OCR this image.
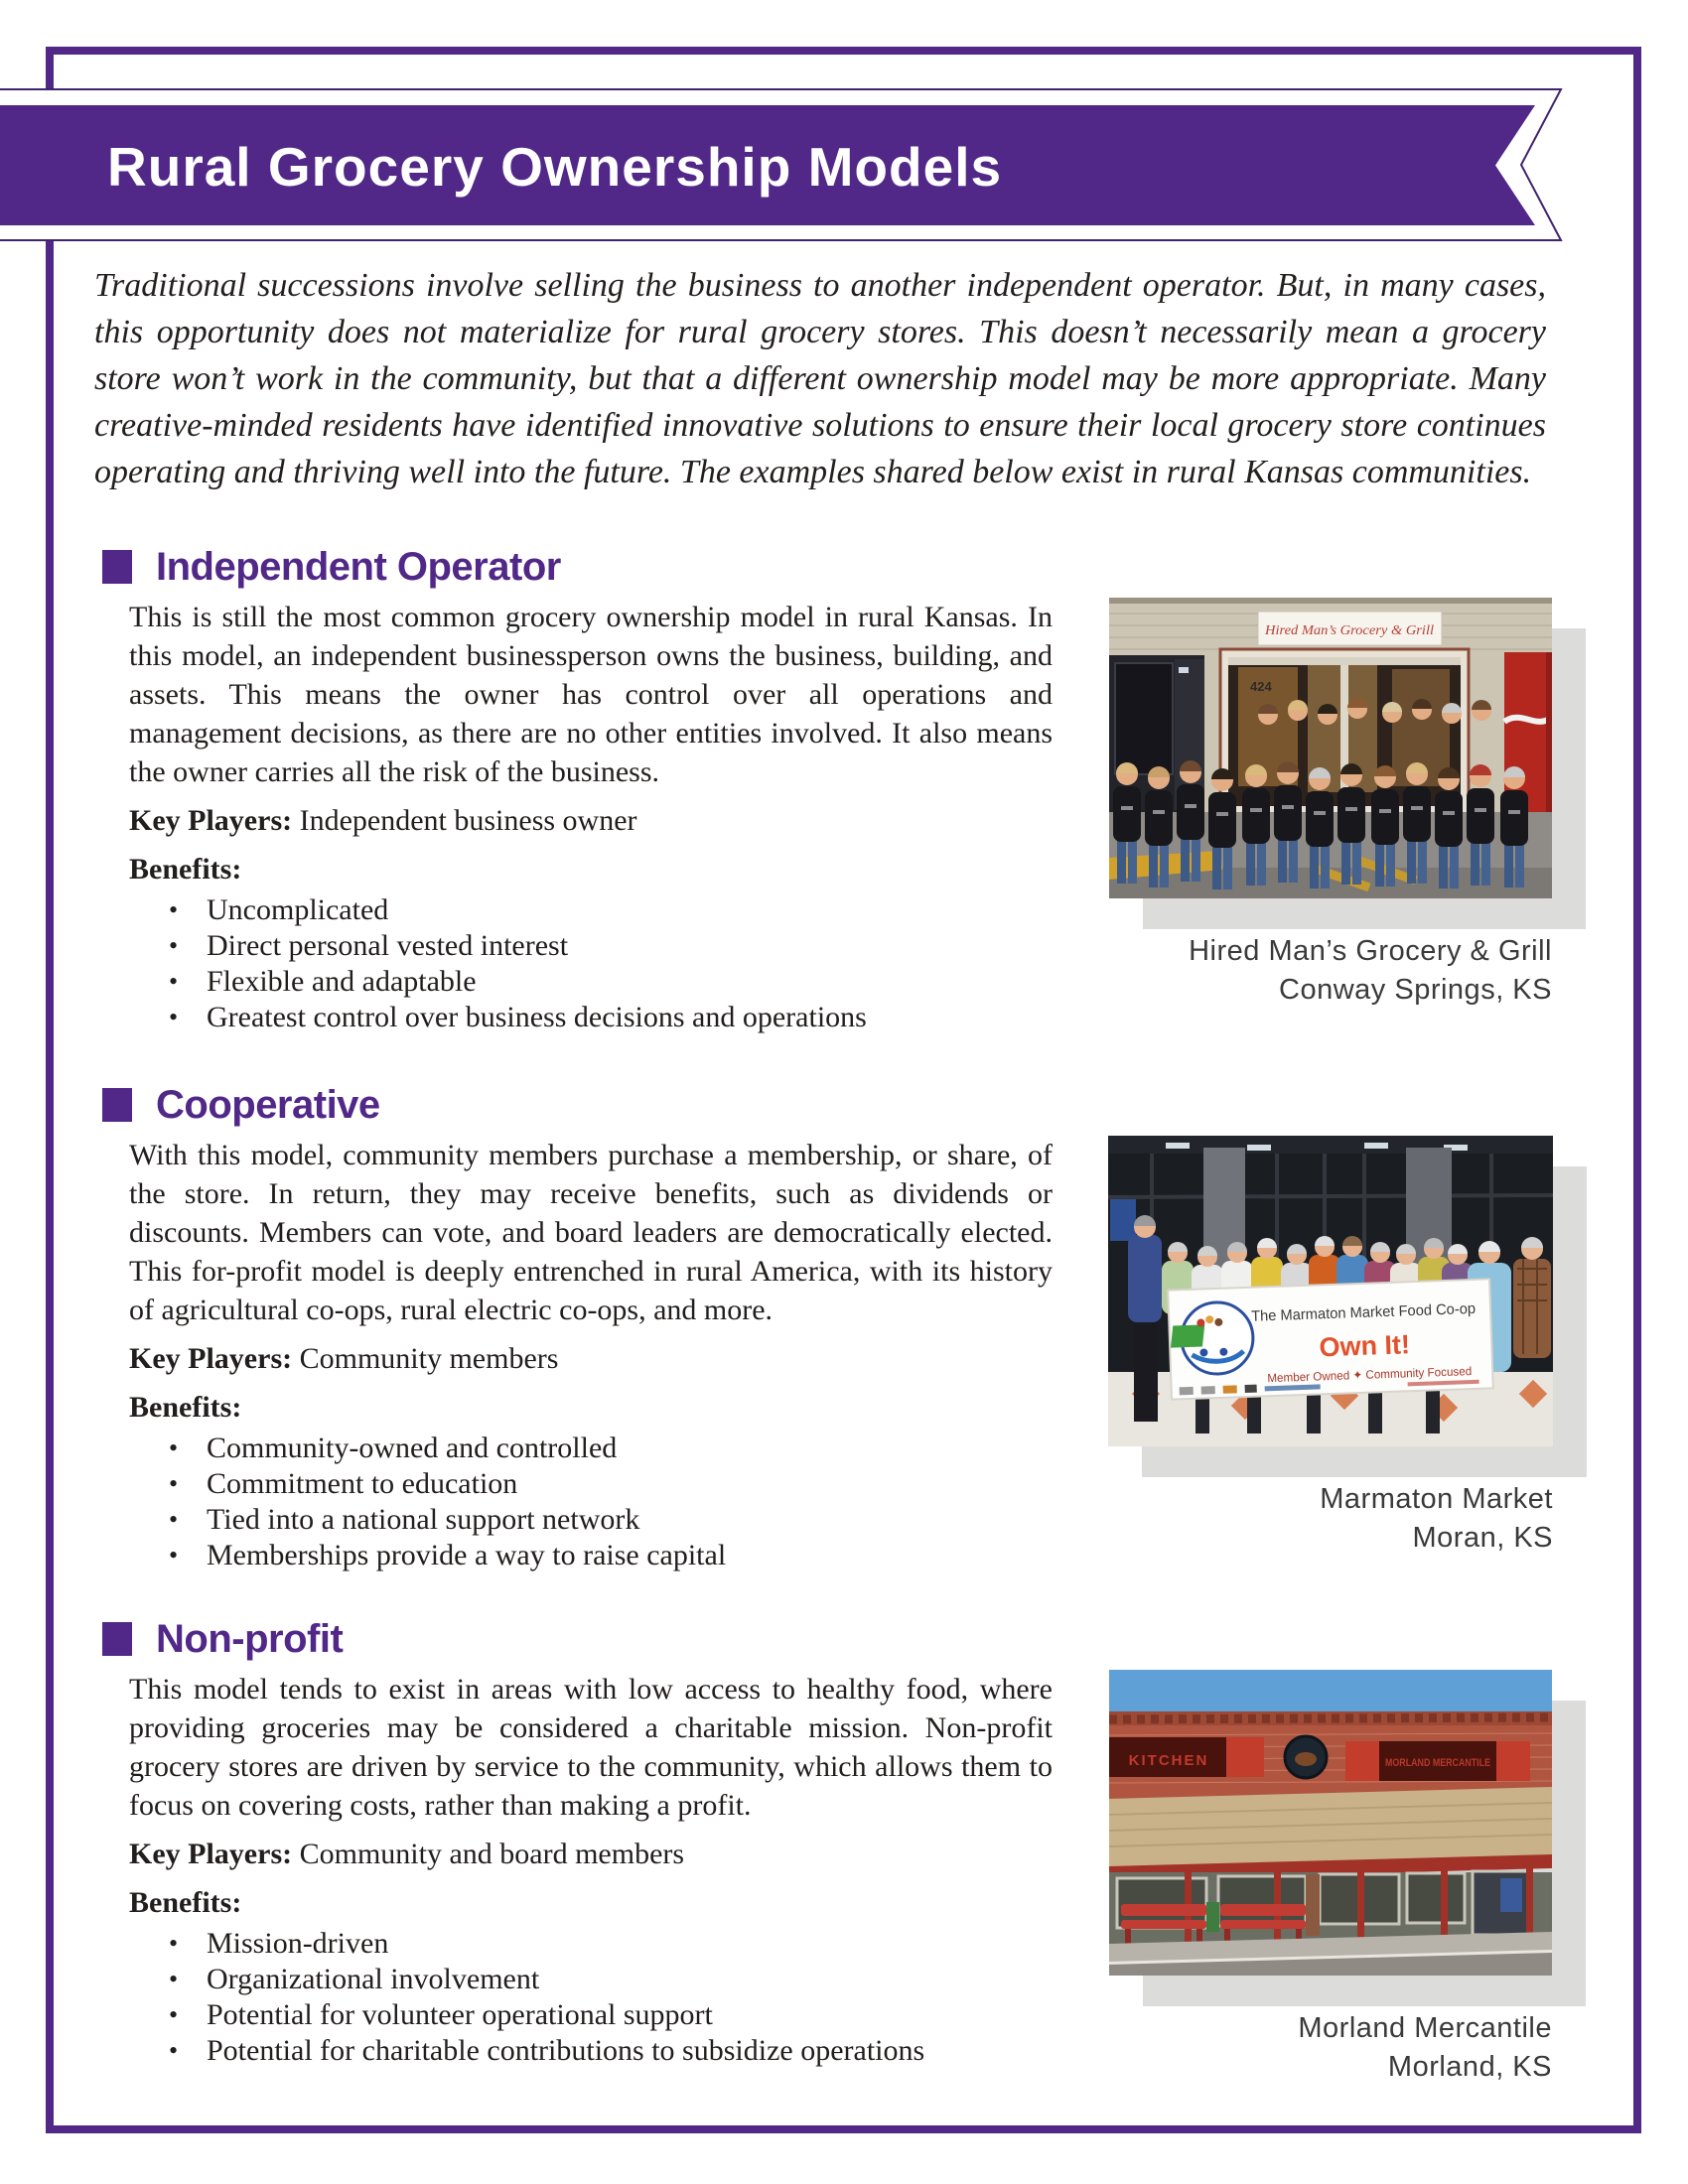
Rural Grocery Ownership Models

Traditional successions involve selling the business to another independent operator. But, in many cases, this opportunity does not materialize for rural grocery stores. This doesn’t necessarily mean a grocery store won’t work in the community, but that a different ownership model may be more appropriate. Many creative-minded residents have identified innovative solutions to ensure their local grocery store continues operating and thriving well into the future. The examples shared below exist in rural Kansas communities.

Independent Operator

This is still the most common grocery ownership model in rural Kansas. In this model, an independent businessperson owns the business, building, and assets. This means the owner has control over all operations and management decisions, as there are no other entities involved. It also means the owner carries all the risk of the business.

Key Players: Independent business owner

Benefits:

• Uncomplicated
• Direct personal vested interest
• Flexible and adaptable
• Greatest control over business decisions and operations
Cooperative

With this model, community members purchase a membership, or share, of the store. In return, they may receive benefits, such as dividends or discounts. Members can vote, and board leaders are democratically elected. This for-profit model is deeply entrenched in rural America, with its history of agricultural co-ops, rural electric co-ops, and more.

Key Players: Community members

Benefits:

• Community-owned and controlled
• Commitment to education
• Tied into a national support network
• Memberships provide a way to raise capital
Non-profit

This model tends to exist in areas with low access to healthy food, where providing groceries may be considered a charitable mission. Non-profit grocery stores are driven by service to the community, which allows them to focus on covering costs, rather than making a profit.

Key Players: Community and board members

Benefits:

• Mission-driven
• Organizational involvement
• Potential for volunteer operational support
• Potential for charitable contributions to subsidize operations
Hired Man’s Grocery & Grill
424
Hired Man’s Grocery & Grill
Conway Springs, KS
The Marmaton Market Food Co-op
Own It!
Member Owned ✦ Community Focused
Marmaton Market
Moran, KS
KITCHEN	MORLAND MERCANTILE
Morland Mercantile
Morland, KS
